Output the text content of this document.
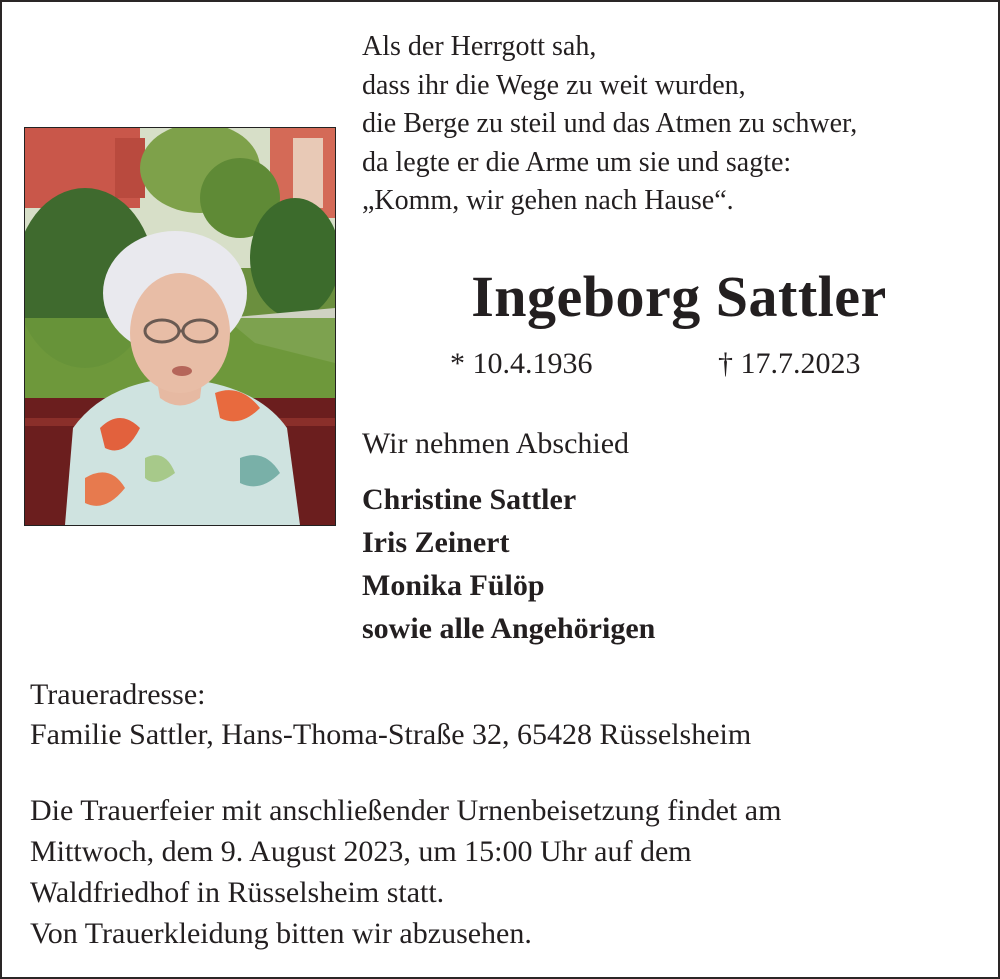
Als der Herrgott sah,
dass ihr die Wege zu weit wurden,
die Berge zu steil und das Atmen zu schwer,
da legte er die Arme um sie und sagte:
„Komm, wir gehen nach Hause“.
Ingeborg Sattler
* 10.4.1936	† 17.7.2023
Wir nehmen Abschied
Christine Sattler
Iris Zeinert
Monika Fülöp
sowie alle Angehörigen
Traueradresse:
Familie Sattler, Hans-Thoma-Straße 32, 65428 Rüsselsheim
Die Trauerfeier mit anschließender Urnenbeisetzung findet am
Mittwoch, dem 9. August 2023, um 15:00 Uhr auf dem
Waldfriedhof in Rüsselsheim statt.
Von Trauerkleidung bitten wir abzusehen.
